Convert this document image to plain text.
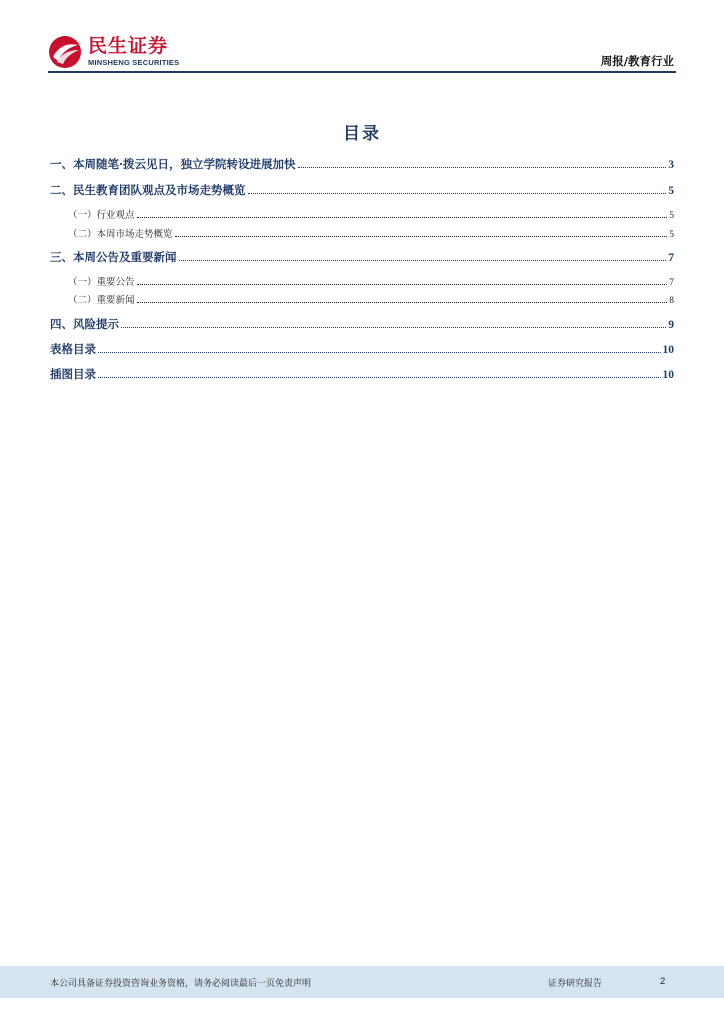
民生证券
MINSHENG SECURITIES	周报/教育行业
目录
一、本周随笔·拨云见日，独立学院转设进展加快	3
二、民生教育团队观点及市场走势概览	5
（一）行业观点	5
（二）本周市场走势概览	5
三、本周公告及重要新闻	7
（一）重要公告	7
（二）重要新闻	8
四、风险提示	9
表格目录	10
插图目录	10
本公司具备证券投资咨询业务资格，请务必阅读最后一页免责声明	证券研究报告	2
